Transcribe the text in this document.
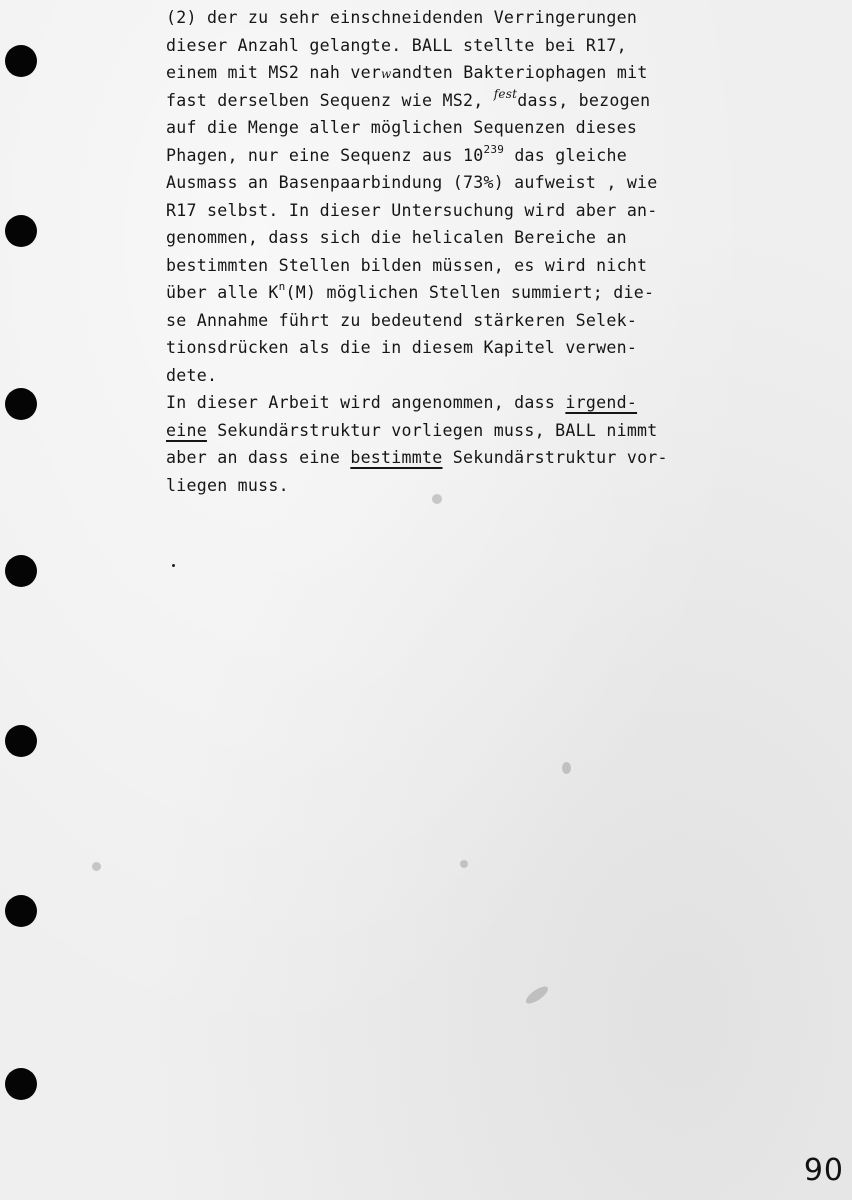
(2) der zu sehr einschneidenden Verringerungen
dieser Anzahl gelangte. BALL stellte bei R17,
einem mit MS2 nah verwandten Bakteriophagen mit
fast derselben Sequenz wie MS2, $^{fest}$dass, bezogen
auf die Menge aller möglichen Sequenzen dieses
Phagen, nur eine Sequenz aus $10^{239}$ das gleiche
Ausmass an Basenpaarbindung (73%) aufweist , wie
R17 selbst. In dieser Untersuchung wird aber an-
genommen, dass sich die helicalen Bereiche an
bestimmten Stellen bilden müssen, es wird nicht
über alle $K^n(M)$ möglichen Stellen summiert; die-
se Annahme führt zu bedeutend stärkeren Selek-
tionsdrücken als die in diesem Kapitel verwen-
dete.
In dieser Arbeit wird angenommen, dass irgend-
eine Sekundärstruktur vorliegen muss, BALL nimmt
aber an dass eine bestimmte Sekundärstruktur vor-
liegen muss.
90
